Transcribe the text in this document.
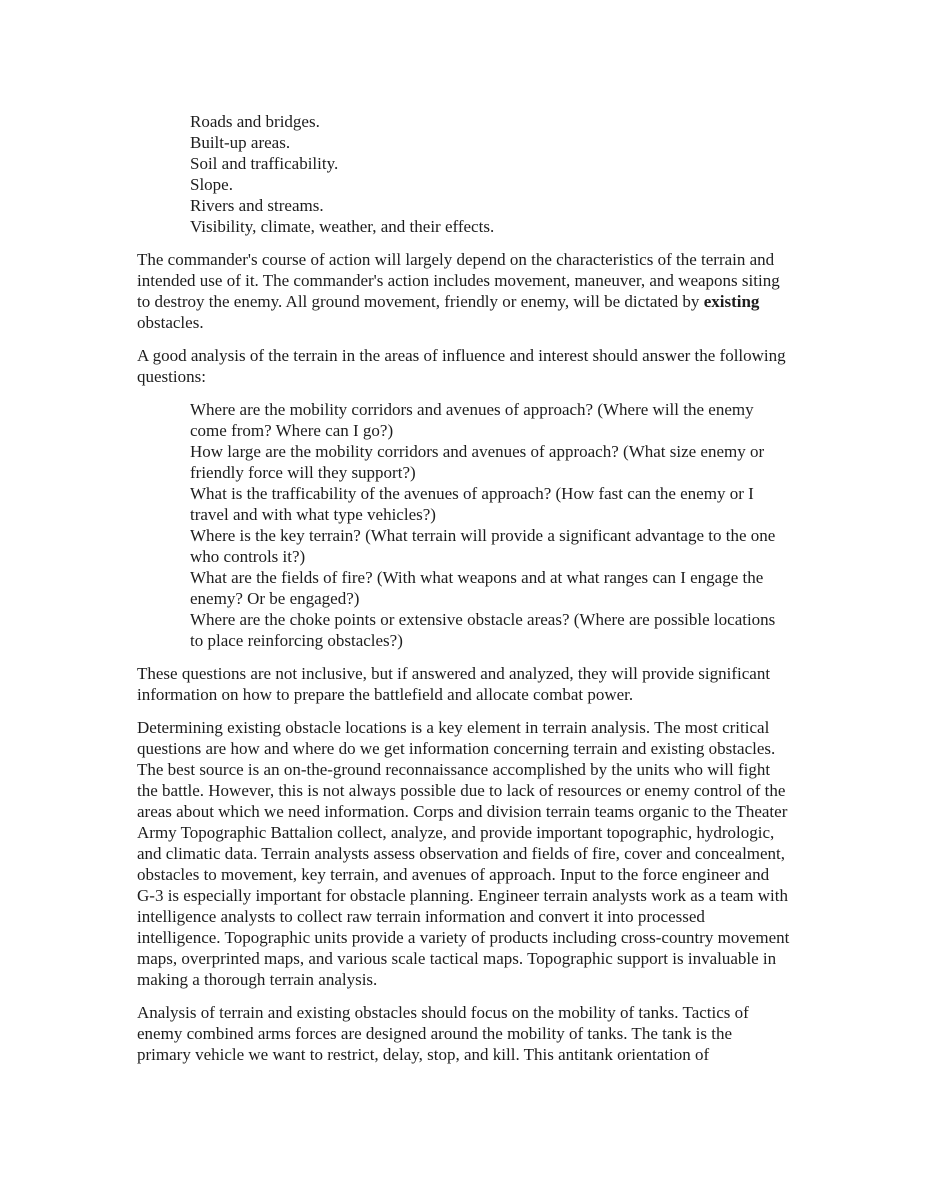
Roads and bridges.

Built-up areas.

Soil and trafficability.

Slope.

Rivers and streams.

Visibility, climate, weather, and their effects.

The commander's course of action will largely depend on the characteristics of the terrain and intended use of it. The commander's action includes movement, maneuver, and weapons siting to destroy the enemy. All ground movement, friendly or enemy, will be dictated by existing obstacles.

A good analysis of the terrain in the areas of influence and interest should answer the following questions:

Where are the mobility corridors and avenues of approach? (Where will the enemy come from? Where can I go?)

How large are the mobility corridors and avenues of approach? (What size enemy or friendly force will they support?)

What is the trafficability of the avenues of approach? (How fast can the enemy or I travel and with what type vehicles?)

Where is the key terrain? (What terrain will provide a significant advantage to the one who controls it?)

What are the fields of fire? (With what weapons and at what ranges can I engage the enemy? Or be engaged?)

Where are the choke points or extensive obstacle areas? (Where are possible locations to place reinforcing obstacles?)

These questions are not inclusive, but if answered and analyzed, they will provide significant information on how to prepare the battlefield and allocate combat power.

Determining existing obstacle locations is a key element in terrain analysis. The most critical questions are how and where do we get information concerning terrain and existing obstacles. The best source is an on-the-ground reconnaissance accomplished by the units who will fight the battle. However, this is not always possible due to lack of resources or enemy control of the areas about which we need information. Corps and division terrain teams organic to the Theater Army Topographic Battalion collect, analyze, and provide important topographic, hydrologic, and climatic data. Terrain analysts assess observation and fields of fire, cover and concealment, obstacles to movement, key terrain, and avenues of approach. Input to the force engineer and G-3 is especially important for obstacle planning. Engineer terrain analysts work as a team with intelligence analysts to collect raw terrain information and convert it into processed intelligence. Topographic units provide a variety of products including cross-country movement maps, overprinted maps, and various scale tactical maps. Topographic support is invaluable in making a thorough terrain analysis.

Analysis of terrain and existing obstacles should focus on the mobility of tanks. Tactics of enemy combined arms forces are designed around the mobility of tanks. The tank is the primary vehicle we want to restrict, delay, stop, and kill. This antitank orientation of
